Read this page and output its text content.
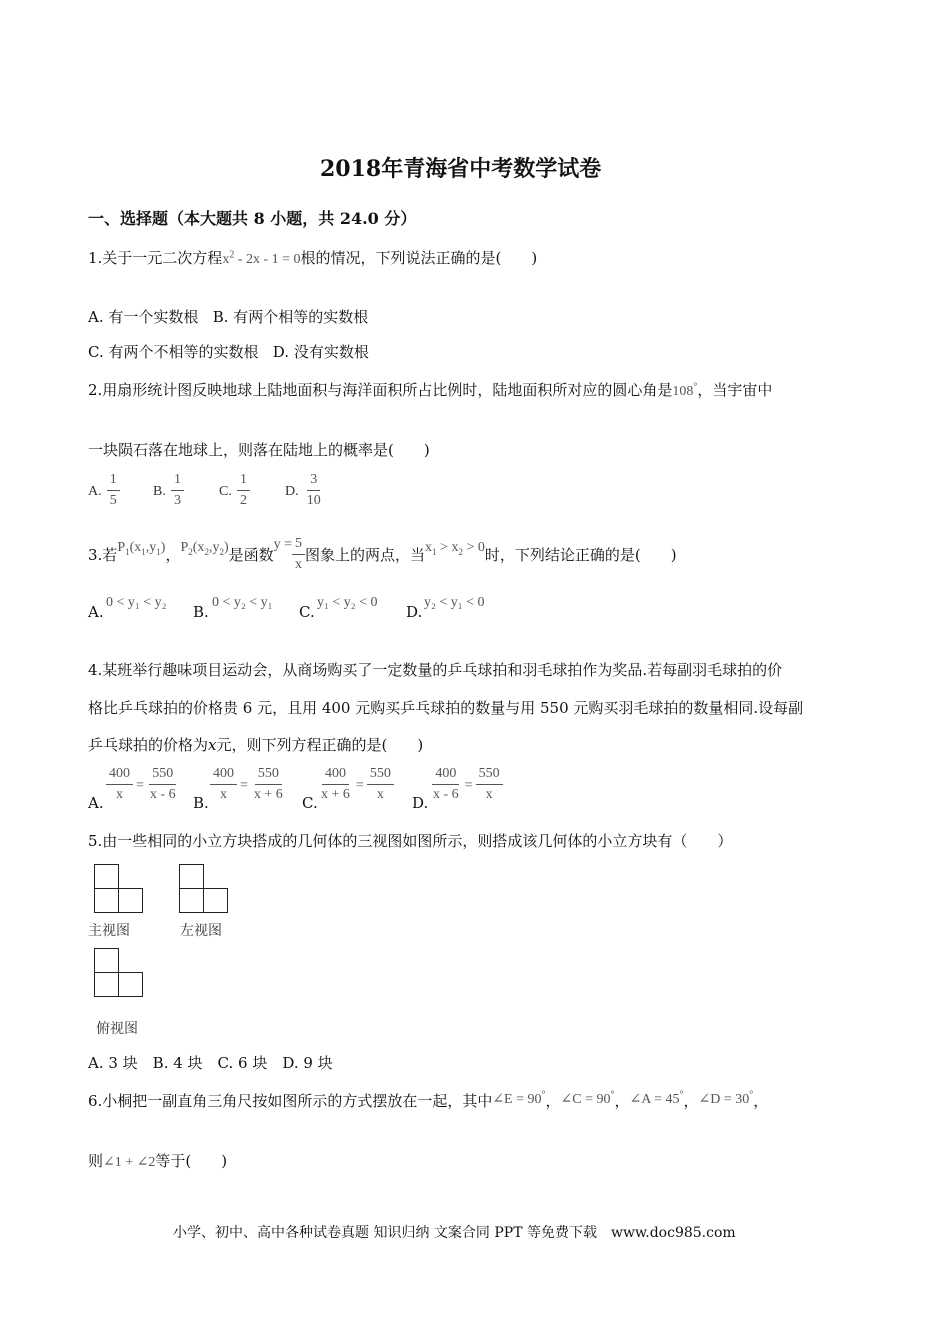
2018年青海省中考数学试卷
一、选择题（本大题共 8 小题，共 24.0 分）
1.关于一元二次方程$x^2 - 2x - 1 = 0$根的情况，下列说法正确的是(　　)
A. 有一个实数根 B. 有两个相等的实数根
C. 有两个不相等的实数根 D. 没有实数根
2.用扇形统计图反映地球上陆地面积与海洋面积所占比例时，陆地面积所对应的圆心角是108°，当宇宙中
一块陨石落在地球上，则落在陆地上的概率是(　　)
A. $\frac{1}{5} B$. $\frac{1}{3}$	C. $\frac{1}{2}$	D. $\frac{3}{10}$
3.若 $P_1(x_1,y_1)$ ， $P_2(x_2,y_2)$ 是函数
$y = \frac{5}{x}$ 图象上的两点，当 $x_1 > x_2 > 0$ 时，下列结论正确的是(　　)
A.
0 < y₁ < y₂
B.
0 < y₂ < y₁
C.
y₁ < y₂ < 0
D.
y₂ < y₁ < 0
4.某班举行趣味项目运动会，从商场购买了一定数量的乒乓球拍和羽毛球拍作为奖品.若每副羽毛球拍的价
格比乒乓球拍的价格贵 6 元，且用 400 元购买乒乓球拍的数量与用 550 元购买羽毛球拍的数量相同.设每副
乒乓球拍的价格为x元，则下列方程正确的是(　　)
A. $\frac{400}{x} = \frac{550}{x - 6} B$. $\frac{400}{x} = \frac{550}{x + 6} C$. $\frac{400}{x + 6} = \frac{550}{x} D$. $\frac{400}{x - 6} = \frac{550}{x}$
5.由一些相同的小立方块搭成的几何体的三视图如图所示，则搭成该几何体的小立方块有（　　）
主视图	左视图
俯视图
A. 3 块　B. 4 块　C. 6 块　D. 9 块
6.小桐把一副直角三角尺按如图所示的方式摆放在一起，其中∠E = 90°，∠C = 90°，∠A = 45°，∠D = 30°，
则∠1 + ∠2等于(　　)
小学、初中、高中各种试卷真题 知识归纳 文案合同 PPT 等免费下载　www.doc985.com
